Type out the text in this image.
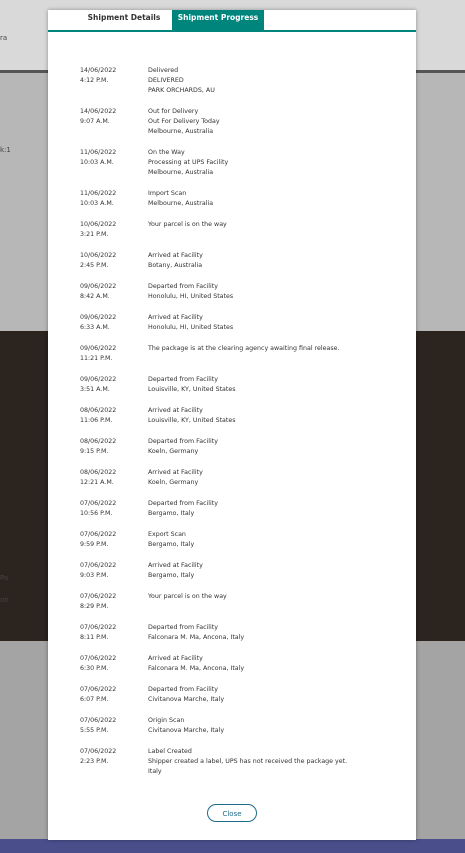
ra
k:1
Pa
on
Shipment Details	Shipment Progress
14/06/2022
4:12 P.M.
Delivered
DELIVERED
PARK ORCHARDS, AU
14/06/2022
9:07 A.M.
Out for Delivery
Out For Delivery Today
Melbourne, Australia
11/06/2022
10:03 A.M.
On the Way
Processing at UPS Facility
Melbourne, Australia
11/06/2022
10:03 A.M.
Import Scan
Melbourne, Australia
10/06/2022
3:21 P.M.
Your parcel is on the way
10/06/2022
2:45 P.M.
Arrived at Facility
Botany, Australia
09/06/2022
8:42 A.M.
Departed from Facility
Honolulu, HI, United States
09/06/2022
6:33 A.M.
Arrived at Facility
Honolulu, HI, United States
09/06/2022
11:21 P.M.
The package is at the clearing agency awaiting final release.
09/06/2022
3:51 A.M.
Departed from Facility
Louisville, KY, United States
08/06/2022
11:06 P.M.
Arrived at Facility
Louisville, KY, United States
08/06/2022
9:15 P.M.
Departed from Facility
Koeln, Germany
08/06/2022
12:21 A.M.
Arrived at Facility
Koeln, Germany
07/06/2022
10:56 P.M.
Departed from Facility
Bergamo, Italy
07/06/2022
9:59 P.M.
Export Scan
Bergamo, Italy
07/06/2022
9:03 P.M.
Arrived at Facility
Bergamo, Italy
07/06/2022
8:29 P.M.
Your parcel is on the way
07/06/2022
8:11 P.M.
Departed from Facility
Falconara M. Ma, Ancona, Italy
07/06/2022
6:30 P.M.
Arrived at Facility
Falconara M. Ma, Ancona, Italy
07/06/2022
6:07 P.M.
Departed from Facility
Civitanova Marche, Italy
07/06/2022
5:55 P.M.
Origin Scan
Civitanova Marche, Italy
07/06/2022
2:23 P.M.
Label Created
Shipper created a label, UPS has not received the package yet.
Italy
Close
